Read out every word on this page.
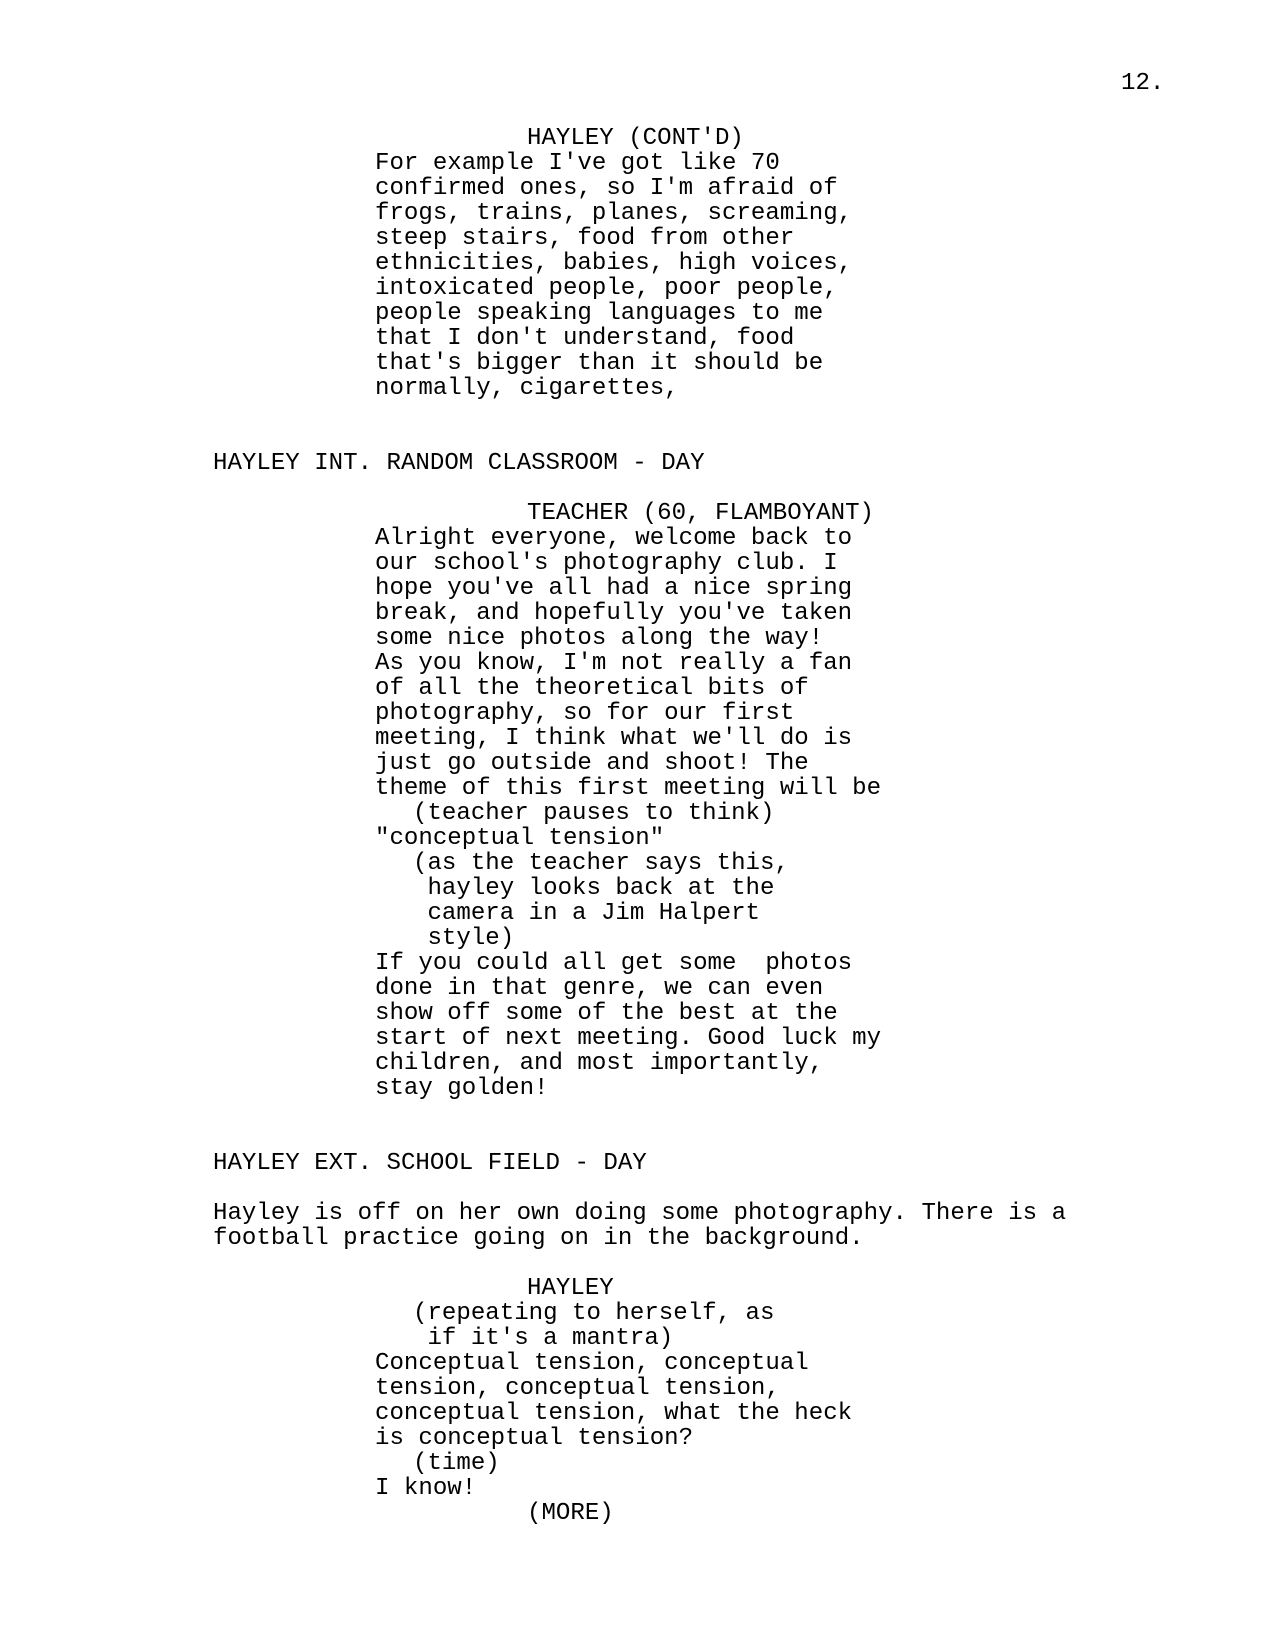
12.
HAYLEY (CONT'D)
For example I've got like 70
confirmed ones, so I'm afraid of
frogs, trains, planes, screaming,
steep stairs, food from other
ethnicities, babies, high voices,
intoxicated people, poor people,
people speaking languages to me
that I don't understand, food
that's bigger than it should be
normally, cigarettes,
HAYLEY INT. RANDOM CLASSROOM - DAY
TEACHER (60, FLAMBOYANT)
Alright everyone, welcome back to
our school's photography club. I
hope you've all had a nice spring
break, and hopefully you've taken
some nice photos along the way!
As you know, I'm not really a fan
of all the theoretical bits of
photography, so for our first
meeting, I think what we'll do is
just go outside and shoot! The
theme of this first meeting will be
(teacher pauses to think)
"conceptual tension"
(as the teacher says this,
hayley looks back at the
camera in a Jim Halpert
style)
If you could all get some  photos
done in that genre, we can even
show off some of the best at the
start of next meeting. Good luck my
children, and most importantly,
stay golden!
HAYLEY EXT. SCHOOL FIELD - DAY
Hayley is off on her own doing some photography. There is a
football practice going on in the background.
HAYLEY
(repeating to herself, as
if it's a mantra)
Conceptual tension, conceptual
tension, conceptual tension,
conceptual tension, what the heck
is conceptual tension?
(time)
I know!
(MORE)
